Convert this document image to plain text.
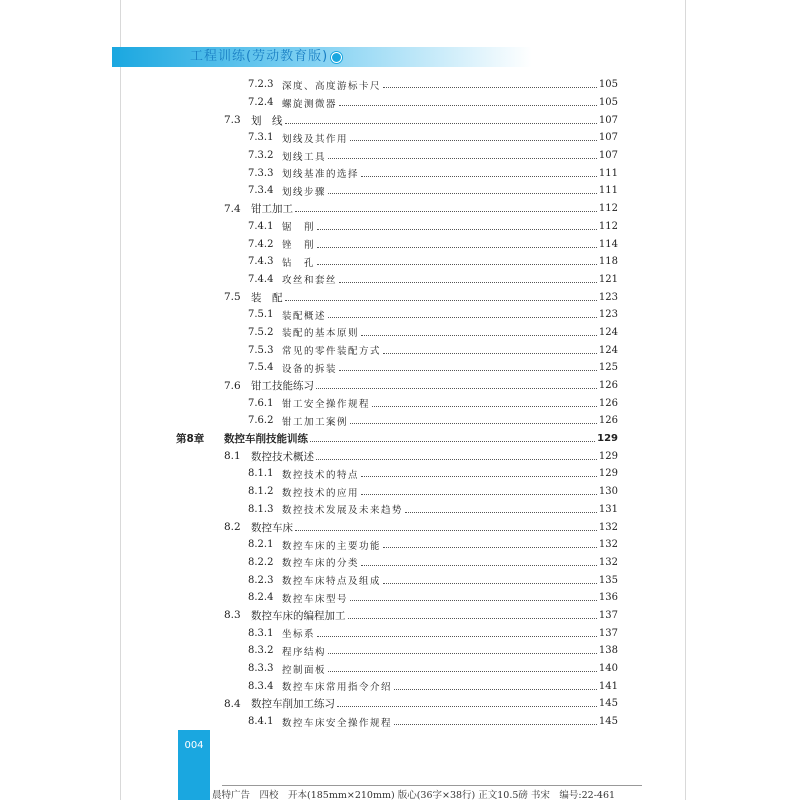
工程训练(劳动教育版)
7.2.3 深度、高度游标卡尺	105
7.2.4 螺旋测微器	105
7.3 划　线	107
7.3.1 划线及其作用	107
7.3.2 划线工具	107
7.3.3 划线基准的选择	111
7.3.4 划线步骤	111
7.4 钳工加工	112
7.4.1 锯　削	112
7.4.2 锉　削	114
7.4.3 钻　孔	118
7.4.4 攻丝和套丝	121
7.5 装　配	123
7.5.1 装配概述	123
7.5.2 装配的基本原则	124
7.5.3 常见的零件装配方式	124
7.5.4 设备的拆装	125
7.6 钳工技能练习	126
7.6.1 钳工安全操作规程	126
7.6.2 钳工加工案例	126
第8章	数控车削技能训练	129
8.1 数控技术概述	129
8.1.1 数控技术的特点	129
8.1.2 数控技术的应用	130
8.1.3 数控技术发展及未来趋势	131
8.2 数控车床	132
8.2.1 数控车床的主要功能	132
8.2.2 数控车床的分类	132
8.2.3 数控车床特点及组成	135
8.2.4 数控车床型号	136
8.3 数控车床的编程加工	137
8.3.1 坐标系	137
8.3.2 程序结构	138
8.3.3 控制面板	140
8.3.4 数控车床常用指令介绍	141
8.4 数控车削加工练习	145
8.4.1 数控车床安全操作规程	145
004
晨特广告　四校　开本(185mm×210mm) 版心(36字×38行) 正文10.5磅 书宋　编号:22-461
